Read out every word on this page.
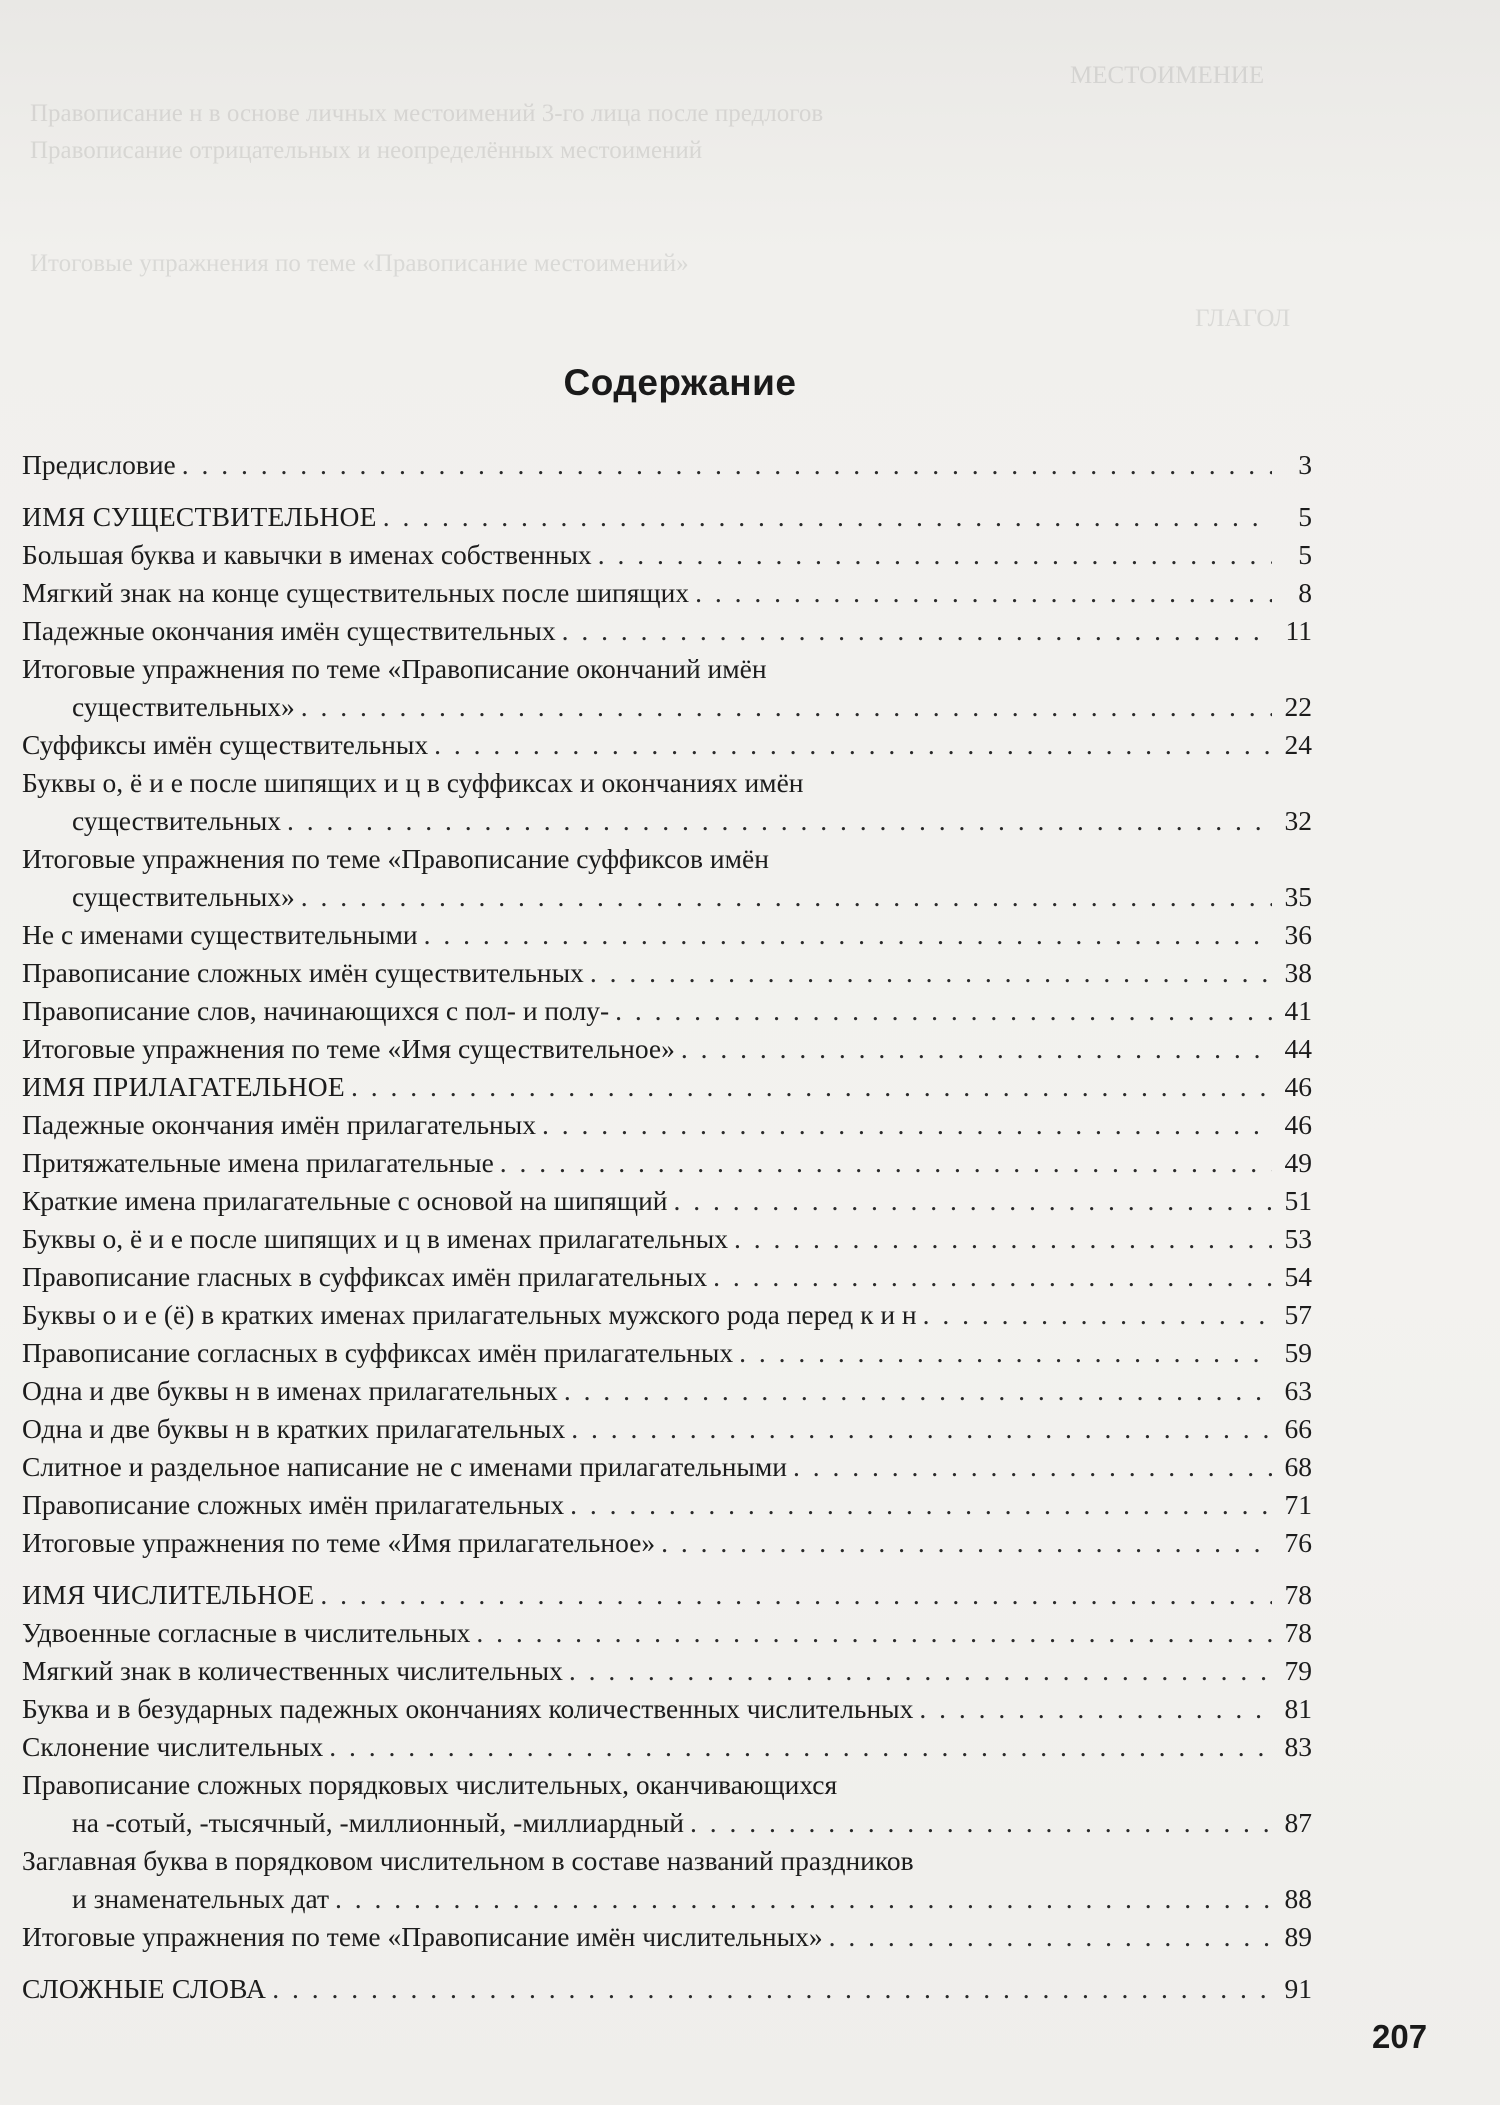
МЕСТОИМЕНИЕ
Правописание н в основе личных местоимений 3-го лица после предлогов
Правописание отрицательных и неопределённых местоимений
Итоговые упражнения по теме «Правописание местоимений»
ГЛАГОЛ
Содержание
Предисловие . . .	3
ИМЯ СУЩЕСТВИТЕЛЬНОЕ . . .	5
Большая буква и кавычки в именах собственных . . .	5
Мягкий знак на конце существительных после шипящих . . .	8
Падежные окончания имён существительных . . .	11
Итоговые упражнения по теме «Правописание окончаний имён
существительных» . . .	22
Суффиксы имён существительных . . .	24
Буквы о, ё и е после шипящих и ц в суффиксах и окончаниях имён
существительных . . .	32
Итоговые упражнения по теме «Правописание суффиксов имён
существительных» . . .	35
Не с именами существительными . . .	36
Правописание сложных имён существительных . . .	38
Правописание слов, начинающихся с пол- и полу- . . .	41
Итоговые упражнения по теме «Имя существительное» . . .	44
ИМЯ ПРИЛАГАТЕЛЬНОЕ . . .	46
Падежные окончания имён прилагательных . . .	46
Притяжательные имена прилагательные . . .	49
Краткие имена прилагательные с основой на шипящий . . .	51
Буквы о, ё и е после шипящих и ц в именах прилагательных . . .	53
Правописание гласных в суффиксах имён прилагательных . . .	54
Буквы о и е (ё) в кратких именах прилагательных мужского рода перед к и н . . .	57
Правописание согласных в суффиксах имён прилагательных . . .	59
Одна и две буквы н в именах прилагательных . . .	63
Одна и две буквы н в кратких прилагательных . . .	66
Слитное и раздельное написание не с именами прилагательными . . .	68
Правописание сложных имён прилагательных . . .	71
Итоговые упражнения по теме «Имя прилагательное» . . .	76
ИМЯ ЧИСЛИТЕЛЬНОЕ . . .	78
Удвоенные согласные в числительных . . .	78
Мягкий знак в количественных числительных . . .	79
Буква и в безударных падежных окончаниях количественных числительных . . .	81
Склонение числительных . . .	83
Правописание сложных порядковых числительных, оканчивающихся
на -сотый, -тысячный, -миллионный, -миллиардный . . .	87
Заглавная буква в порядковом числительном в составе названий праздников
и знаменательных дат . . .	88
Итоговые упражнения по теме «Правописание имён числительных» . . .	89
СЛОЖНЫЕ СЛОВА . . .	91
207
